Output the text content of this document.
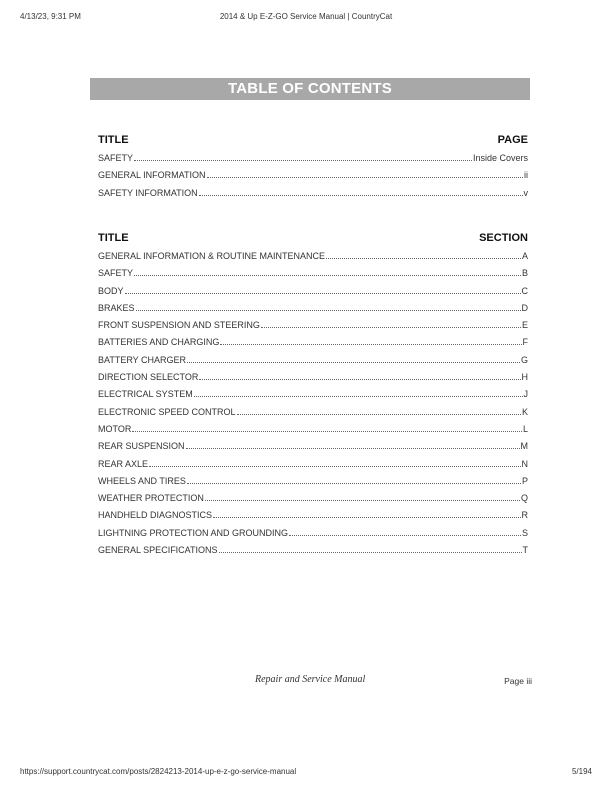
4/13/23, 9:31 PM	2014 & Up E-Z-GO Service Manual | CountryCat
TABLE OF CONTENTS
TITLE	PAGE
SAFETY	Inside Covers
GENERAL INFORMATION	ii
SAFETY INFORMATION	v
TITLE	SECTION
GENERAL INFORMATION & ROUTINE MAINTENANCE	A
SAFETY	B
BODY	C
BRAKES	D
FRONT SUSPENSION AND STEERING	E
BATTERIES AND CHARGING	F
BATTERY CHARGER	G
DIRECTION SELECTOR	H
ELECTRICAL SYSTEM	J
ELECTRONIC SPEED CONTROL	K
MOTOR	L
REAR SUSPENSION	M
REAR AXLE	N
WHEELS AND TIRES	P
WEATHER PROTECTION	Q
HANDHELD DIAGNOSTICS	R
LIGHTNING PROTECTION AND GROUNDING	S
GENERAL SPECIFICATIONS	T
Repair and Service Manual	Page iii
https://support.countrycat.com/posts/2824213-2014-up-e-z-go-service-manual	5/194
